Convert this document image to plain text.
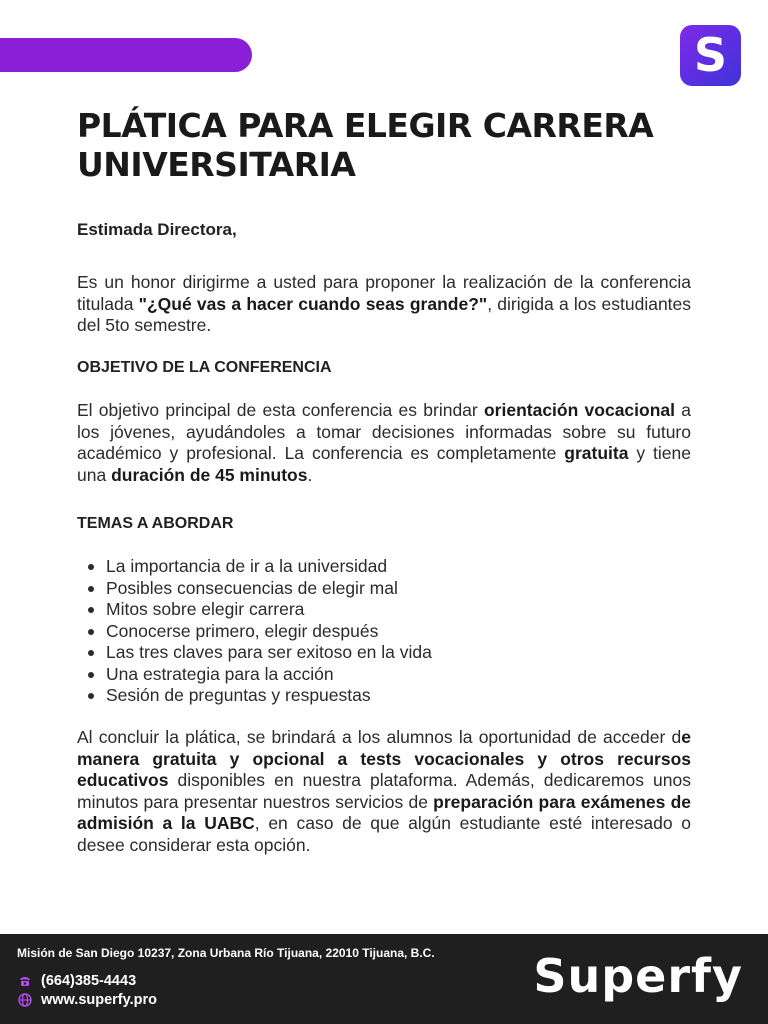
S
PLÁTICA PARA ELEGIR CARRERA
UNIVERSITARIA

Estimada Directora,

Es un honor dirigirme a usted para proponer la realización de la conferencia titulada "¿Qué vas a hacer cuando seas grande?", dirigida a los estudiantes del 5to semestre.

OBJETIVO DE LA CONFERENCIA

El objetivo principal de esta conferencia es brindar orientación vocacional a los jóvenes, ayudándoles a tomar decisiones informadas sobre su futuro académico y profesional. La conferencia es completamente gratuita y tiene una duración de 45 minutos.

TEMAS A ABORDAR
La importancia de ir a la universidad
Posibles consecuencias de elegir mal
Mitos sobre elegir carrera
Conocerse primero, elegir después
Las tres claves para ser exitoso en la vida
Una estrategia para la acción
Sesión de preguntas y respuestas

Al concluir la plática, se brindará a los alumnos la oportunidad de acceder de manera gratuita y opcional a tests vocacionales y otros recursos educativos disponibles en nuestra plataforma. Además, dedicaremos unos minutos para presentar nuestros servicios de preparación para exámenes de admisión a la UABC, en caso de que algún estudiante esté interesado o desee considerar esta opción.

Misión de San Diego 10237, Zona Urbana Río Tijuana, 22010 Tijuana, B.C.
(664)385-4443
www.superfy.pro	Superfy
